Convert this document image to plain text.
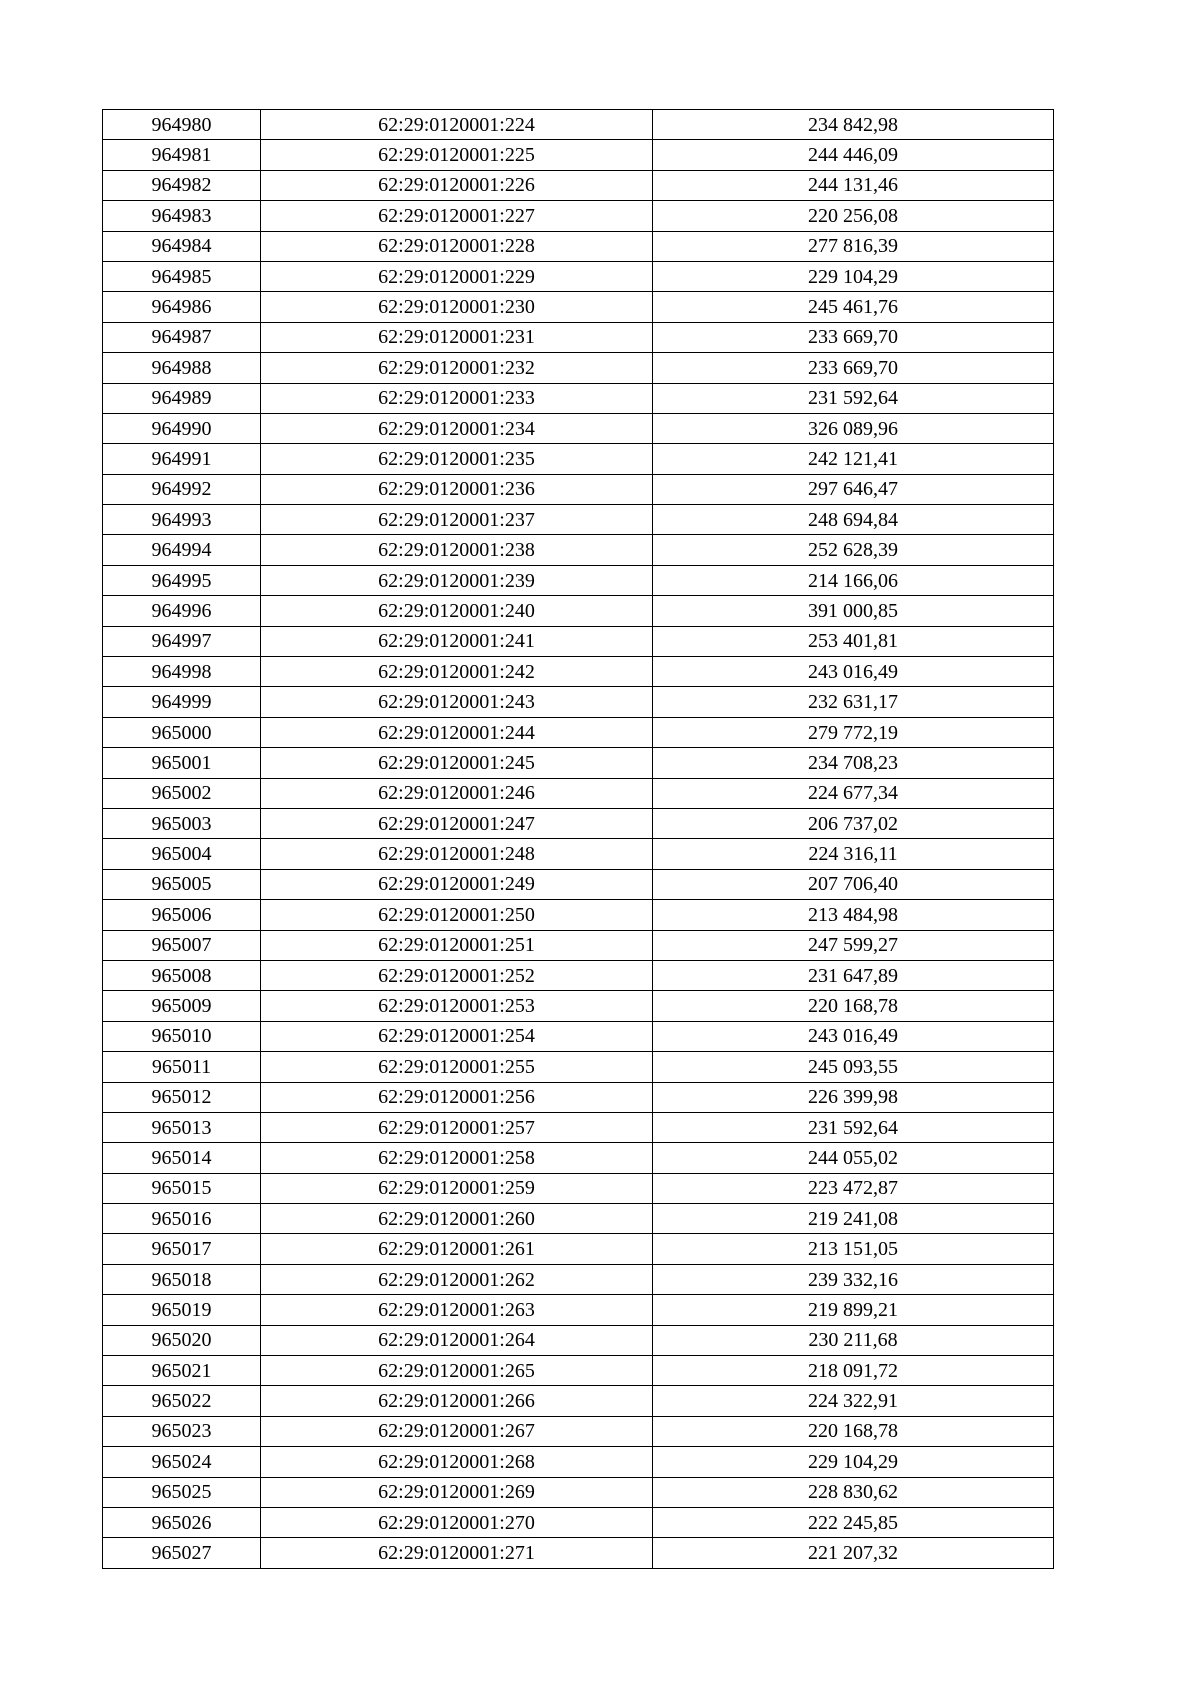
964980	62:29:0120001:224	234 842,98
964981	62:29:0120001:225	244 446,09
964982	62:29:0120001:226	244 131,46
964983	62:29:0120001:227	220 256,08
964984	62:29:0120001:228	277 816,39
964985	62:29:0120001:229	229 104,29
964986	62:29:0120001:230	245 461,76
964987	62:29:0120001:231	233 669,70
964988	62:29:0120001:232	233 669,70
964989	62:29:0120001:233	231 592,64
964990	62:29:0120001:234	326 089,96
964991	62:29:0120001:235	242 121,41
964992	62:29:0120001:236	297 646,47
964993	62:29:0120001:237	248 694,84
964994	62:29:0120001:238	252 628,39
964995	62:29:0120001:239	214 166,06
964996	62:29:0120001:240	391 000,85
964997	62:29:0120001:241	253 401,81
964998	62:29:0120001:242	243 016,49
964999	62:29:0120001:243	232 631,17
965000	62:29:0120001:244	279 772,19
965001	62:29:0120001:245	234 708,23
965002	62:29:0120001:246	224 677,34
965003	62:29:0120001:247	206 737,02
965004	62:29:0120001:248	224 316,11
965005	62:29:0120001:249	207 706,40
965006	62:29:0120001:250	213 484,98
965007	62:29:0120001:251	247 599,27
965008	62:29:0120001:252	231 647,89
965009	62:29:0120001:253	220 168,78
965010	62:29:0120001:254	243 016,49
965011	62:29:0120001:255	245 093,55
965012	62:29:0120001:256	226 399,98
965013	62:29:0120001:257	231 592,64
965014	62:29:0120001:258	244 055,02
965015	62:29:0120001:259	223 472,87
965016	62:29:0120001:260	219 241,08
965017	62:29:0120001:261	213 151,05
965018	62:29:0120001:262	239 332,16
965019	62:29:0120001:263	219 899,21
965020	62:29:0120001:264	230 211,68
965021	62:29:0120001:265	218 091,72
965022	62:29:0120001:266	224 322,91
965023	62:29:0120001:267	220 168,78
965024	62:29:0120001:268	229 104,29
965025	62:29:0120001:269	228 830,62
965026	62:29:0120001:270	222 245,85
965027	62:29:0120001:271	221 207,32
